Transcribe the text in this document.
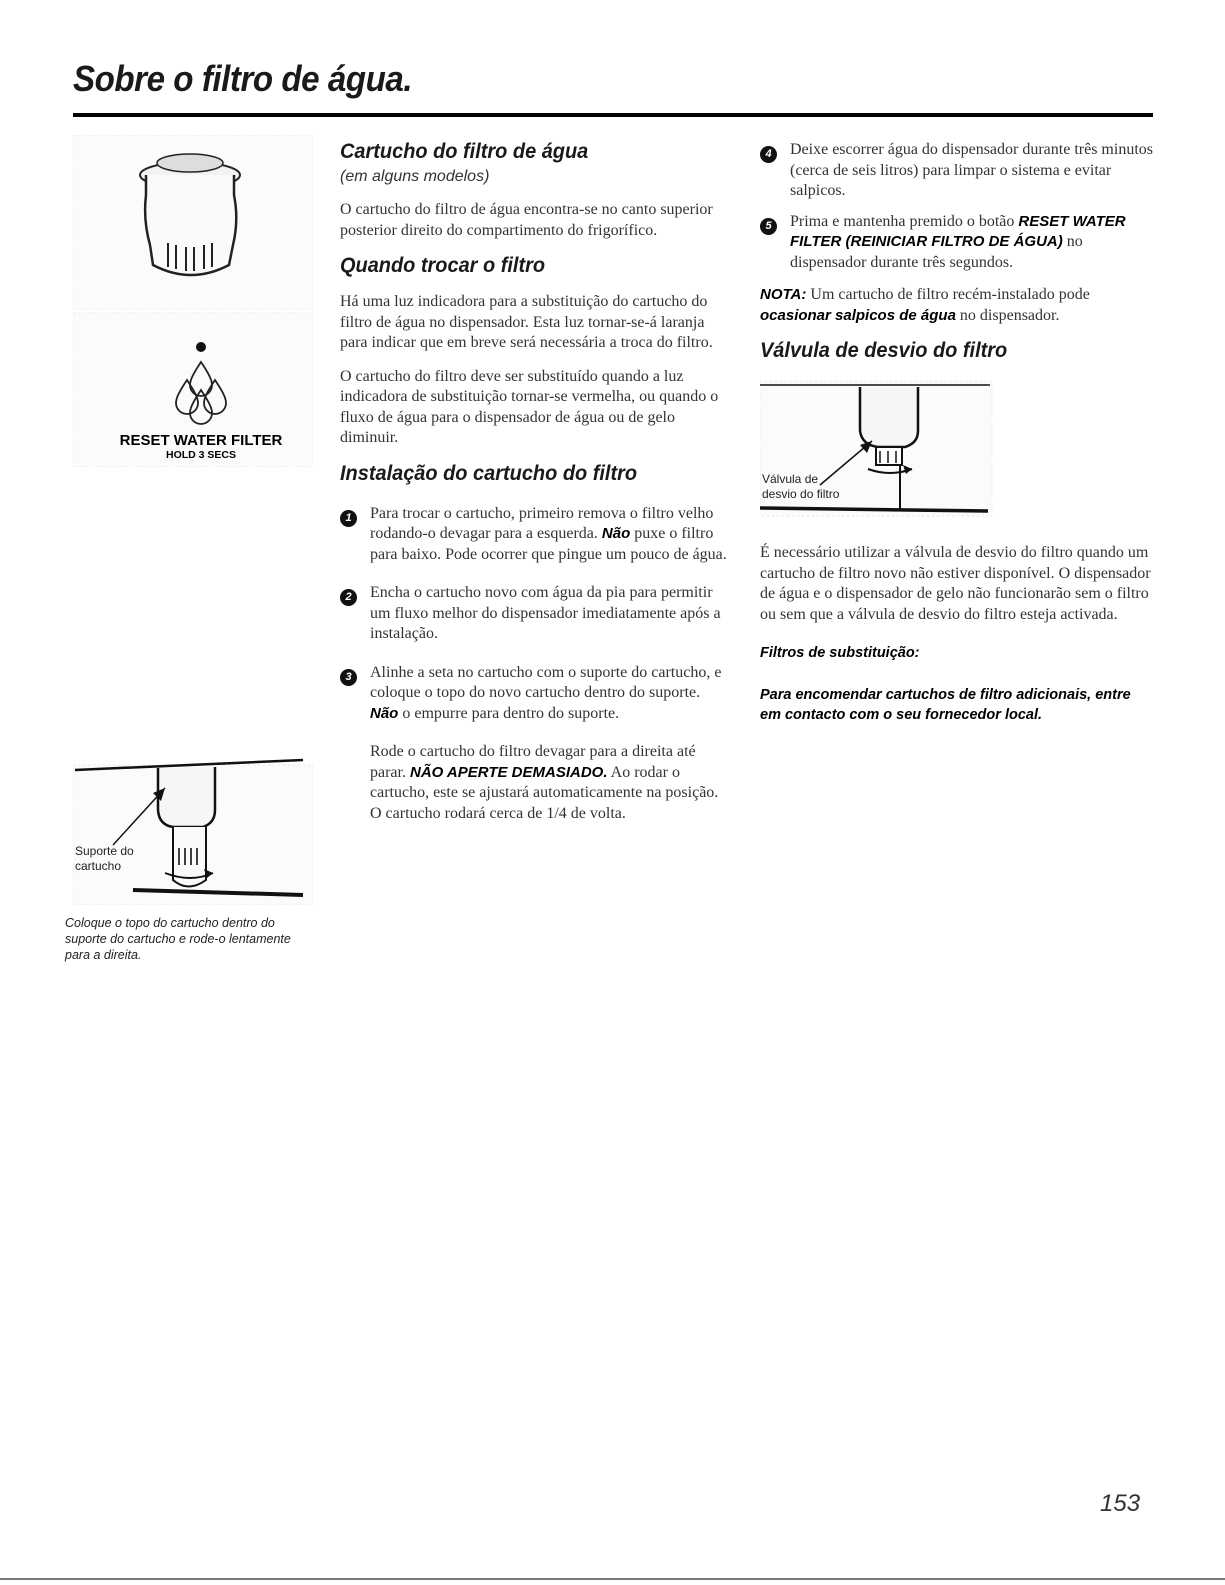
Sobre o filtro de água.
RESET WATER FILTER
HOLD 3 SECS
Suporte do
cartucho
Coloque o topo do cartucho dentro do suporte do cartucho e rode-o lentamente para a direita.
Cartucho do filtro de água
(em alguns modelos)

O cartucho do filtro de água encontra-se no canto superior posterior direito do compartimento do frigorífico.

Quando trocar o filtro

Há uma luz indicadora para a substituição do cartucho do filtro de água no dispensador. Esta luz tornar-se-á laranja para indicar que em breve será necessária a troca do filtro.

O cartucho do filtro deve ser substituído quando a luz indicadora de substituição tornar-se vermelha, ou quando o fluxo de água para o dispensador de água ou de gelo diminuir.

Instalação do cartucho do filtro
1	Para trocar o cartucho, primeiro remova o filtro velho rodando-o devagar para a esquerda. Não puxe o filtro para baixo. Pode ocorrer que pingue um pouco de água.

2	Encha o cartucho novo com água da pia para permitir um fluxo melhor do dispensador imediatamente após a instalação.

3	Alinhe a seta no cartucho com o suporte do cartucho, e coloque o topo do novo cartucho dentro do suporte. Não o empurre para dentro do suporte.

Rode o cartucho do filtro devagar para a direita até parar. NÃO APERTE DEMASIADO. Ao rodar o cartucho, este se ajustará automaticamente na posição. O cartucho rodará cerca de 1/4 de volta.

4	Deixe escorrer água do dispensador durante três minutos (cerca de seis litros) para limpar o sistema e evitar salpicos.

5	Prima e mantenha premido o botão RESET WATER FILTER (REINICIAR FILTRO DE ÁGUA) no dispensador durante três segundos.

NOTA: Um cartucho de filtro recém-instalado pode ocasionar salpicos de água no dispensador.

Válvula de desvio do filtro
Válvula de
desvio do filtro

É necessário utilizar a válvula de desvio do filtro quando um cartucho de filtro novo não estiver disponível. O dispensador de água e o dispensador de gelo não funcionarão sem o filtro ou sem que a válvula de desvio do filtro esteja activada.

Filtros de substituição:

Para encomendar cartuchos de filtro adicionais, entre em contacto com o seu fornecedor local.

153
